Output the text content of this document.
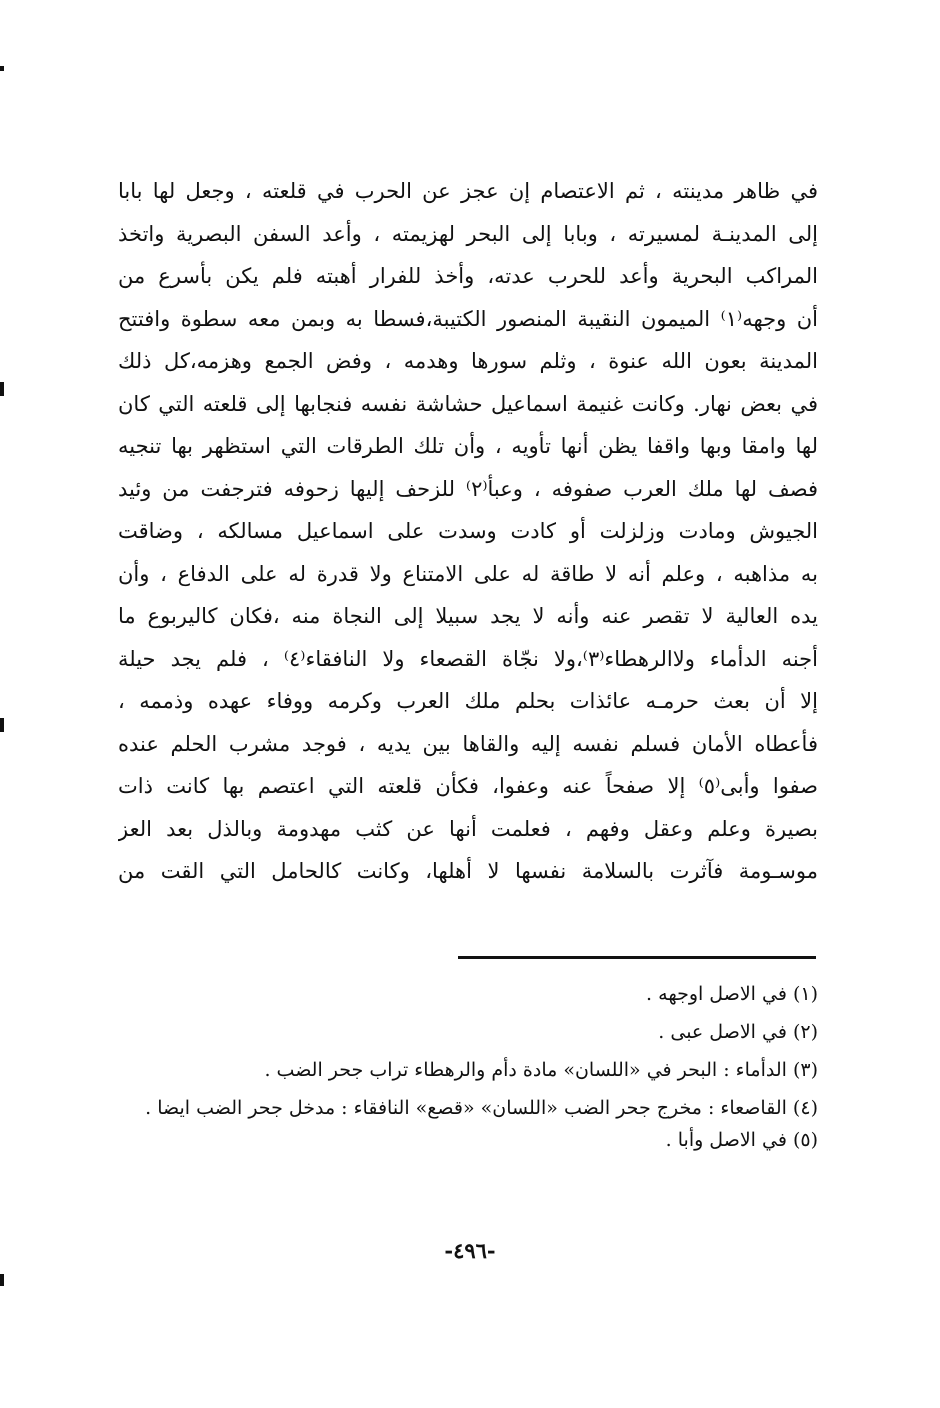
في ظاهر مدينته ، ثم الاعتصام إن عجز عن الحرب في قلعته ، وجعل لها بابا
إلى المدينـة لمسيرته ، وبابا إلى البحر لهزيمته ، وأعد السفن البصرية واتخذ
المراكب البحرية وأعد للحرب عدته، وأخذ للفرار أهبته فلم يكن بأسرع من
أن وجهه⁽١⁾ الميمون النقيبة المنصور الكتيبة،فسطا به وبمن معه سطوة وافتتح
المدينة بعون الله عنوة ، وثلم سورها وهدمه ، وفض الجمع وهزمه،كل ذلك
في بعض نهار. وكانت غنيمة اسماعيل حشاشة نفسه فنجابها إلى قلعته التي كان
لها وامقا وبها واقفا يظن أنها تأويه ، وأن تلك الطرقات التي استظهر بها تنجيه
فصف لها ملك العرب صفوفه ، وعبأ⁽٢⁾ للزحف إليها زحوفه فترجفت من وئيد
الجيوش ومادت وزلزلت أو كادت وسدت على اسماعيل مسالكه ، وضاقت
به مذاهبه ، وعلم أنه لا طاقة له على الامتناع ولا قدرة له على الدفاع ، وأن
يده العالية لا تقصر عنه وأنه لا يجد سبيلا إلى النجاة منه ،فكان كاليربوع ما
أجنه الدأماء ولاالرهطاء⁽٣⁾،ولا نجّاة القصعاء ولا النافقاء⁽٤⁾ ، فلم يجد حيلة
إلا أن بعث حرمـه عائذات بحلم ملك العرب وكرمه ووفاء عهده وذممه ،
فأعطاه الأمان فسلم نفسه إليه والقاها بين يديه ، فوجد مشرب الحلم عنده
صفوا وأبى⁽٥⁾ إلا صفحاً عنه وعفوا، فكأن قلعته التي اعتصم بها كانت ذات
بصيرة وعلم وعقل وفهم ، فعلمت أنها عن كثب مهدومة وبالذل بعد العز
موسـومة فآثرت بالسلامة نفسها لا أهلها، وكانت كالحامل التي القت من
(١) في الاصل اوجهه .
(٢) في الاصل عبى .
(٣) الدأماء : البحر في «اللسان» مادة دأم والرهطاء تراب جحر الضب .
(٤) القاصعاء : مخرج جحر الضب «اللسان» «قصع» النافقاء : مدخل جحر الضب ايضا .
(٥) في الاصل وأبا .
-٤٩٦-
